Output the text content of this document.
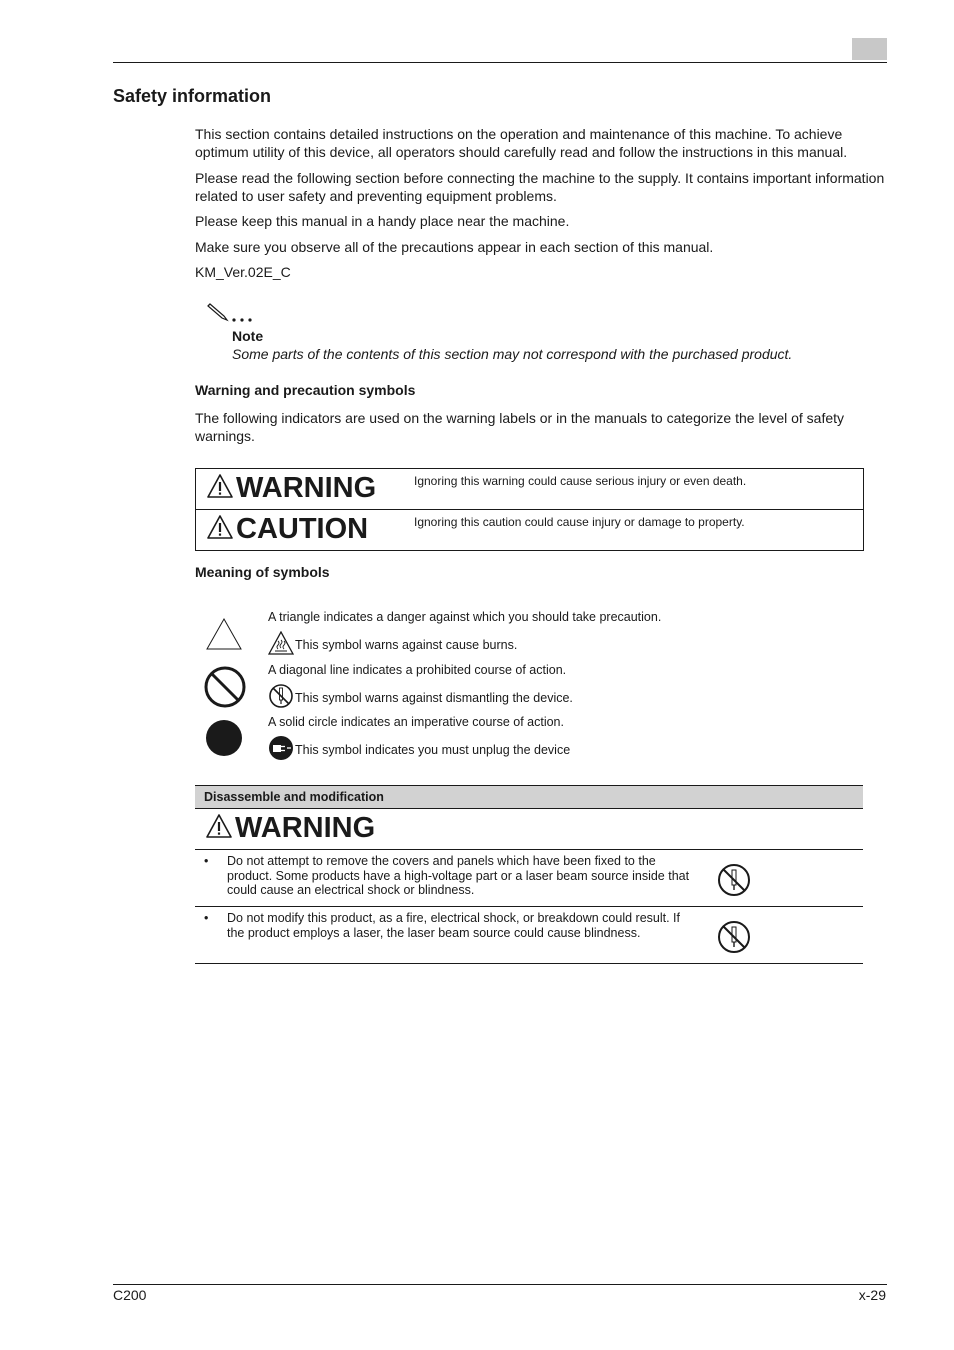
Safety information
This section contains detailed instructions on the operation and maintenance of this machine. To achieve optimum utility of this device, all operators should carefully read and follow the instructions in this manual.
Please read the following section before connecting the machine to the supply. It contains important information related to user safety and preventing equipment problems.
Please keep this manual in a handy place near the machine.
Make sure you observe all of the precautions appear in each section of this manual.
KM_Ver.02E_C
Note
Some parts of the contents of this section may not correspond with the purchased product.
Warning and precaution symbols
The following indicators are used on the warning labels or in the manuals to categorize the level of safety warnings.
WARNING	Ignoring this warning could cause serious injury or even death.
CAUTION	Ignoring this caution could cause injury or damage to property.
Meaning of symbols
A triangle indicates a danger against which you should take precaution.
This symbol warns against cause burns.
A diagonal line indicates a prohibited course of action.
This symbol warns against dismantling the device.
A solid circle indicates an imperative course of action.
This symbol indicates you must unplug the device
Disassemble and modification
WARNING
• Do not attempt to remove the covers and panels which have been fixed to the product. Some products have a high-voltage part or a laser beam source inside that could cause an electrical shock or blindness.
• Do not modify this product, as a fire, electrical shock, or breakdown could result. If the product employs a laser, the laser beam source could cause blindness.
C200	x-29
